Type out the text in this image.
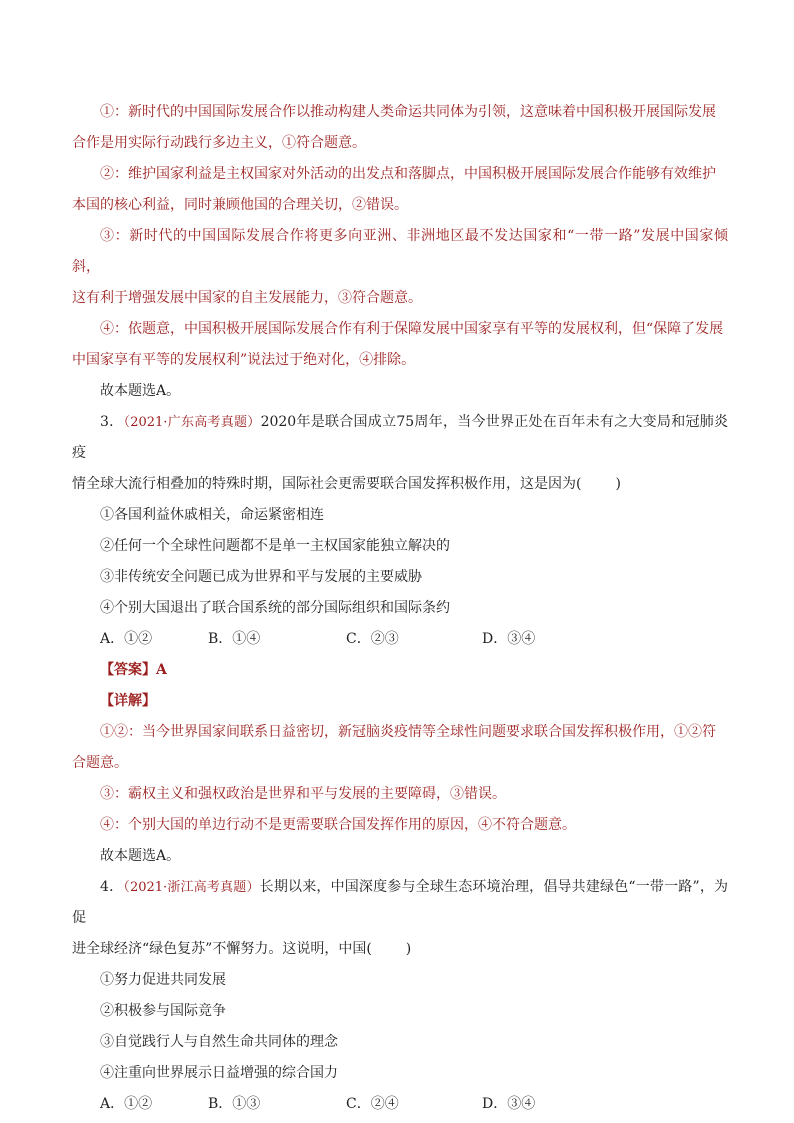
①：新时代的中国国际发展合作以推动构建人类命运共同体为引领，这意味着中国积极开展国际发展
合作是用实际行动践行多边主义，①符合题意。

②：维护国家利益是主权国家对外活动的出发点和落脚点，中国积极开展国际发展合作能够有效维护
本国的核心利益，同时兼顾他国的合理关切，②错误。

③：新时代的中国国际发展合作将更多向亚洲、非洲地区最不发达国家和“一带一路”发展中国家倾斜，
这有利于增强发展中国家的自主发展能力，③符合题意。

④：依题意，中国积极开展国际发展合作有利于保障发展中国家享有平等的发展权利，但“保障了发展
中国家享有平等的发展权利”说法过于绝对化，④排除。

故本题选A。

3．（2021·广东高考真题）2020年是联合国成立75周年，当今世界正处在百年未有之大变局和冠肺炎疫
情全球大流行相叠加的特殊时期，国际社会更需要联合国发挥积极作用，这是因为( )

①各国利益休戚相关，命运紧密相连

②任何一个全球性问题都不是单一主权国家能独立解决的

③非传统安全问题已成为世界和平与发展的主要威胁

④个别大国退出了联合国系统的部分国际组织和国际条约

A．①②	B．①④	C．②③	D．③④

【答案】A

【详解】

①②：当今世界国家间联系日益密切，新冠脑炎疫情等全球性问题要求联合国发挥积极作用，①②符
合题意。

③：霸权主义和强权政治是世界和平与发展的主要障碍，③错误。

④：个别大国的单边行动不是更需要联合国发挥作用的原因，④不符合题意。

故本题选A。

4．（2021·浙江高考真题）长期以来，中国深度参与全球生态环境治理，倡导共建绿色“一带一路”，为促
进全球经济“绿色复苏”不懈努力。这说明，中国( )

①努力促进共同发展

②积极参与国际竞争

③自觉践行人与自然生命共同体的理念

④注重向世界展示日益增强的综合国力

A．①②	B．①③	C．②④	D．③④
